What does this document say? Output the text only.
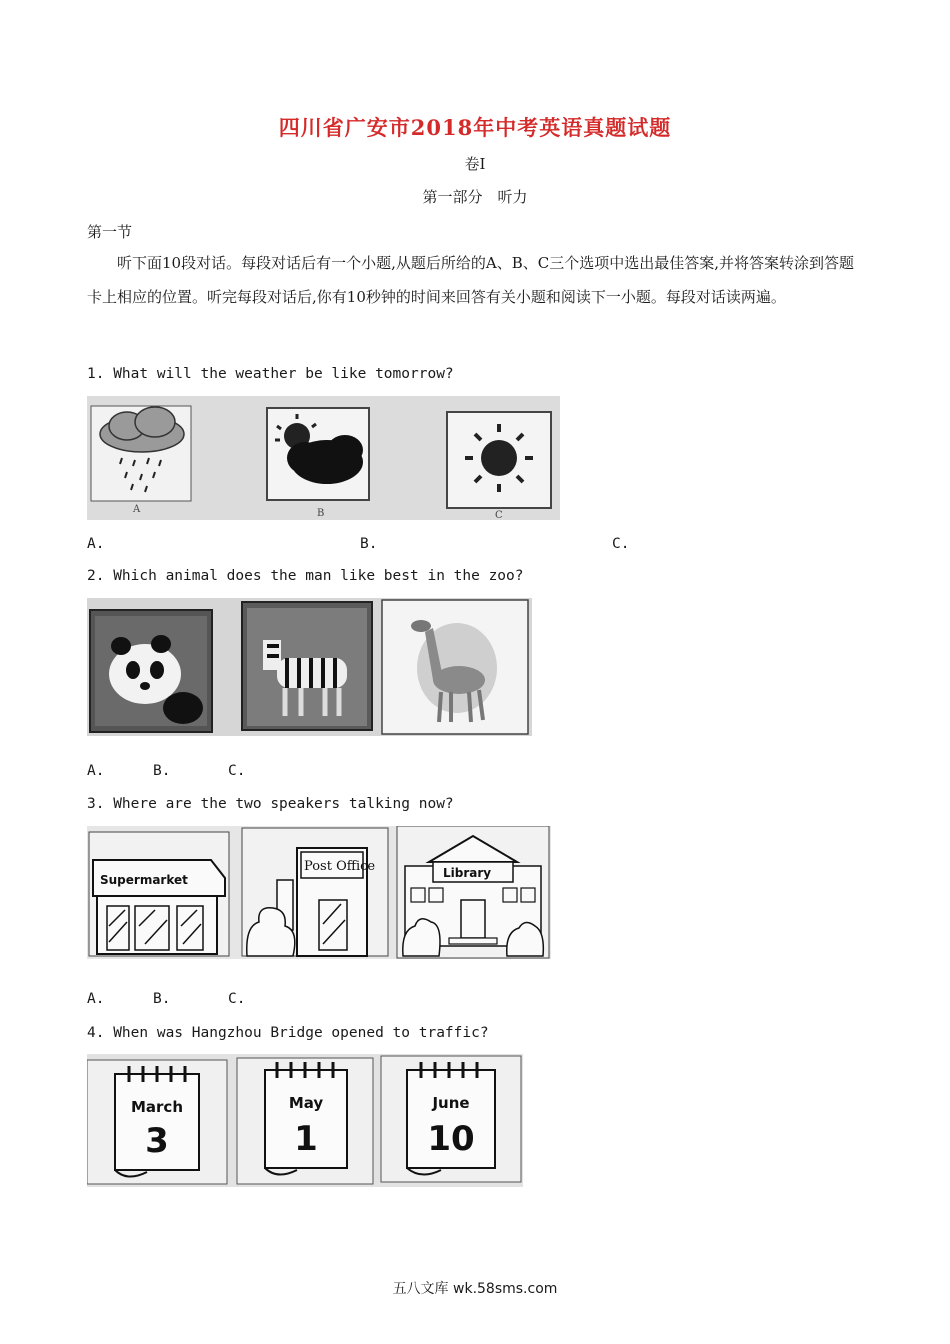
四川省广安市2018年中考英语真题试题
卷I
第一部分　听力
第一节
听下面10段对话。每段对话后有一个小题,从题后所给的A、B、C三个选项中选出最佳答案,并将答案转涂到答题卡上相应的位置。听完每段对话后,你有10秒钟的时间来回答有关小题和阅读下一小题。每段对话读两遍。
1. What will the weather be like tomorrow?
A	B	C
A.	B.	C.
2. Which animal does the man like best in the zoo?
A.	B.	C.
3. Where are the two speakers talking now?
Supermarket
Post Office	Library
A.	B.	C.
4. When was Hangzhou Bridge opened to traffic?
March
3
May
1
June
10
五八文库 wk.58sms.com
